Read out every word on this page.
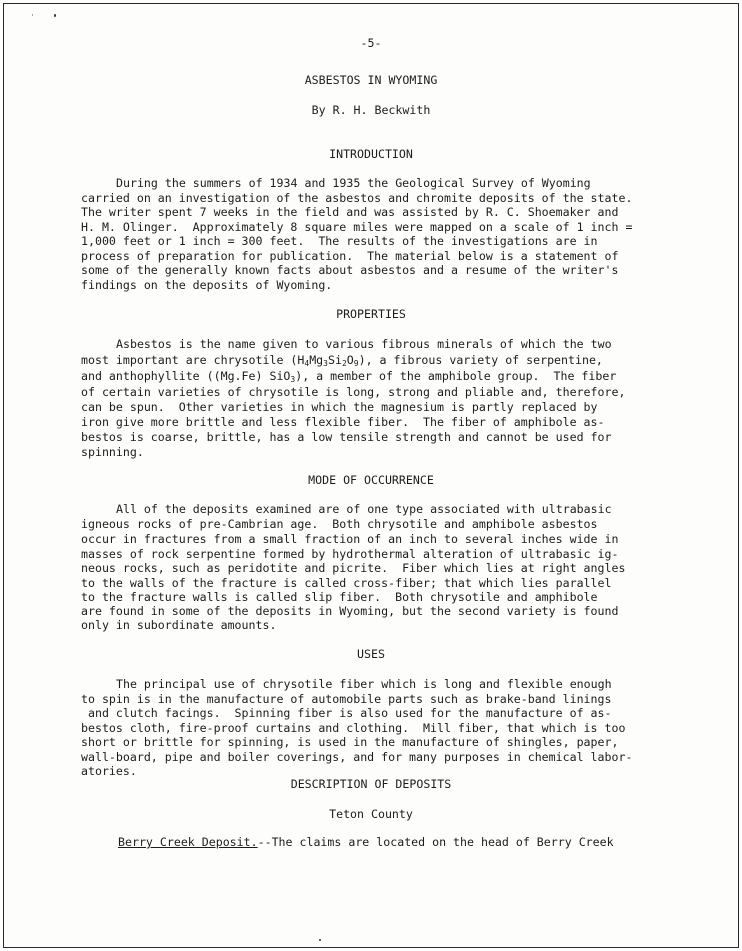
-5-
ASBESTOS IN WYOMING
By R. H. Beckwith
INTRODUCTION
During the summers of 1934 and 1935 the Geological Survey of Wyoming
carried on an investigation of the asbestos and chromite deposits of the state.
The writer spent 7 weeks in the field and was assisted by R. C. Shoemaker and
H. M. Olinger.  Approximately 8 square miles were mapped on a scale of 1 inch =
1,000 feet or 1 inch = 300 feet.  The results of the investigations are in
process of preparation for publication.  The material below is a statement of
some of the generally known facts about asbestos and a resume of the writer's
findings on the deposits of Wyoming.
PROPERTIES
Asbestos is the name given to various fibrous minerals of which the two
most important are chrysotile $(H_4Mg_3Si_2O_9)$, a fibrous variety of serpentine,
and anthophyllite ((Mg.Fe) SiO$_3$), a member of the amphibole group.  The fiber
of certain varieties of chrysotile is long, strong and pliable and, therefore,
can be spun.  Other varieties in which the magnesium is partly replaced by
iron give more brittle and less flexible fiber.  The fiber of amphibole as-
bestos is coarse, brittle, has a low tensile strength and cannot be used for
spinning.
MODE OF OCCURRENCE
All of the deposits examined are of one type associated with ultrabasic
igneous rocks of pre-Cambrian age.  Both chrysotile and amphibole asbestos
occur in fractures from a small fraction of an inch to several inches wide in
masses of rock serpentine formed by hydrothermal alteration of ultrabasic ig-
neous rocks, such as peridotite and picrite.  Fiber which lies at right angles
to the walls of the fracture is called cross-fiber; that which lies parallel
to the fracture walls is called slip fiber.  Both chrysotile and amphibole
are found in some of the deposits in Wyoming, but the second variety is found
only in subordinate amounts.
USES
The principal use of chrysotile fiber which is long and flexible enough
to spin is in the manufacture of automobile parts such as brake-band linings
and clutch facings.  Spinning fiber is also used for the manufacture of as-
bestos cloth, fire-proof curtains and clothing.  Mill fiber, that which is too
short or brittle for spinning, is used in the manufacture of shingles, paper,
wall-board, pipe and boiler coverings, and for many purposes in chemical labor-
atories.
DESCRIPTION OF DEPOSITS
Teton County
Berry Creek Deposit.--The claims are located on the head of Berry Creek
